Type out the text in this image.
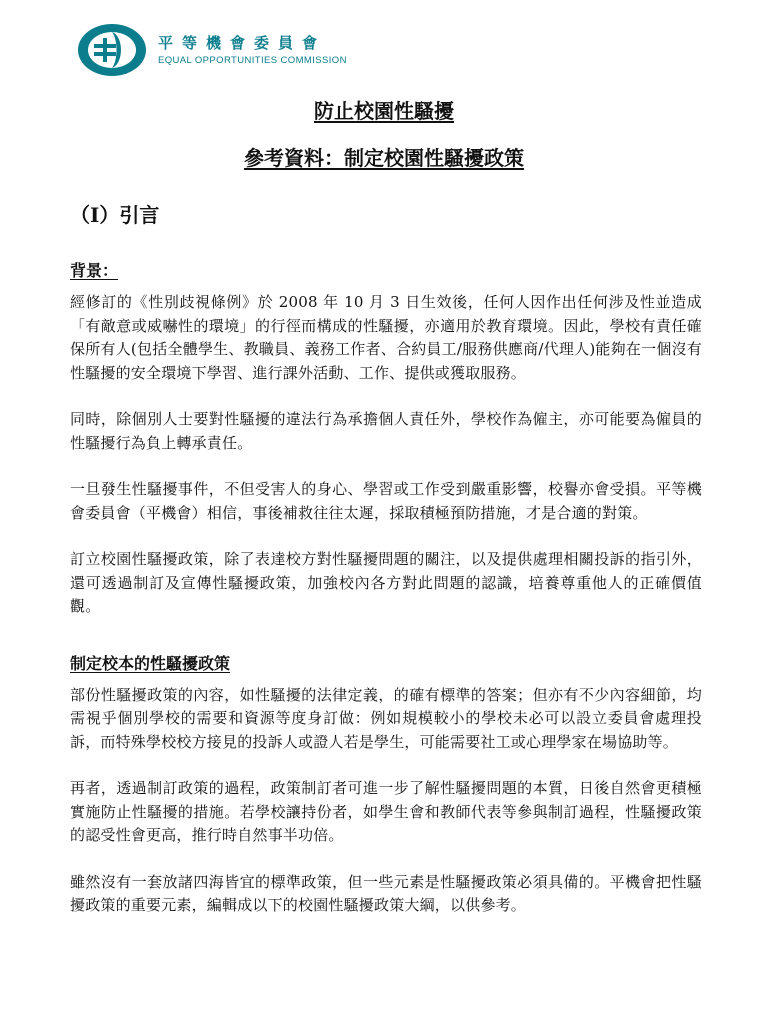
平等機會委員會
EQUAL OPPORTUNITIES COMMISSION
防止校園性騷擾
參考資料：制定校園性騷擾政策
（I）引言
背景：

經修訂的《性別歧視條例》於 2008 年 10 月 3 日生效後，任何人因作出任何涉及性並造成「有敵意或威嚇性的環境」的行徑而構成的性騷擾，亦適用於教育環境。因此，學校有責任確保所有人(包括全體學生、教職員、義務工作者、合約員工/服務供應商/代理人)能夠在一個沒有性騷擾的安全環境下學習、進行課外活動、工作、提供或獲取服務。

同時，除個別人士要對性騷擾的違法行為承擔個人責任外，學校作為僱主，亦可能要為僱員的性騷擾行為負上轉承責任。

一旦發生性騷擾事件，不但受害人的身心、學習或工作受到嚴重影響，校譽亦會受損。平等機會委員會（平機會）相信，事後補救往往太遲，採取積極預防措施，才是合適的對策。

訂立校園性騷擾政策，除了表達校方對性騷擾問題的關注，以及提供處理相關投訴的指引外，還可透過制訂及宣傳性騷擾政策，加強校內各方對此問題的認識，培養尊重他人的正確價值觀。

制定校本的性騷擾政策

部份性騷擾政策的內容，如性騷擾的法律定義，的確有標準的答案；但亦有不少內容細節，均需視乎個別學校的需要和資源等度身訂做：例如規模較小的學校未必可以設立委員會處理投訴，而特殊學校校方接見的投訴人或證人若是學生，可能需要社工或心理學家在場協助等。

再者，透過制訂政策的過程，政策制訂者可進一步了解性騷擾問題的本質，日後自然會更積極實施防止性騷擾的措施。若學校讓持份者，如學生會和教師代表等參與制訂過程，性騷擾政策的認受性會更高，推行時自然事半功倍。

雖然沒有一套放諸四海皆宜的標準政策，但一些元素是性騷擾政策必須具備的。平機會把性騷擾政策的重要元素，編輯成以下的校園性騷擾政策大綱，以供參考。
